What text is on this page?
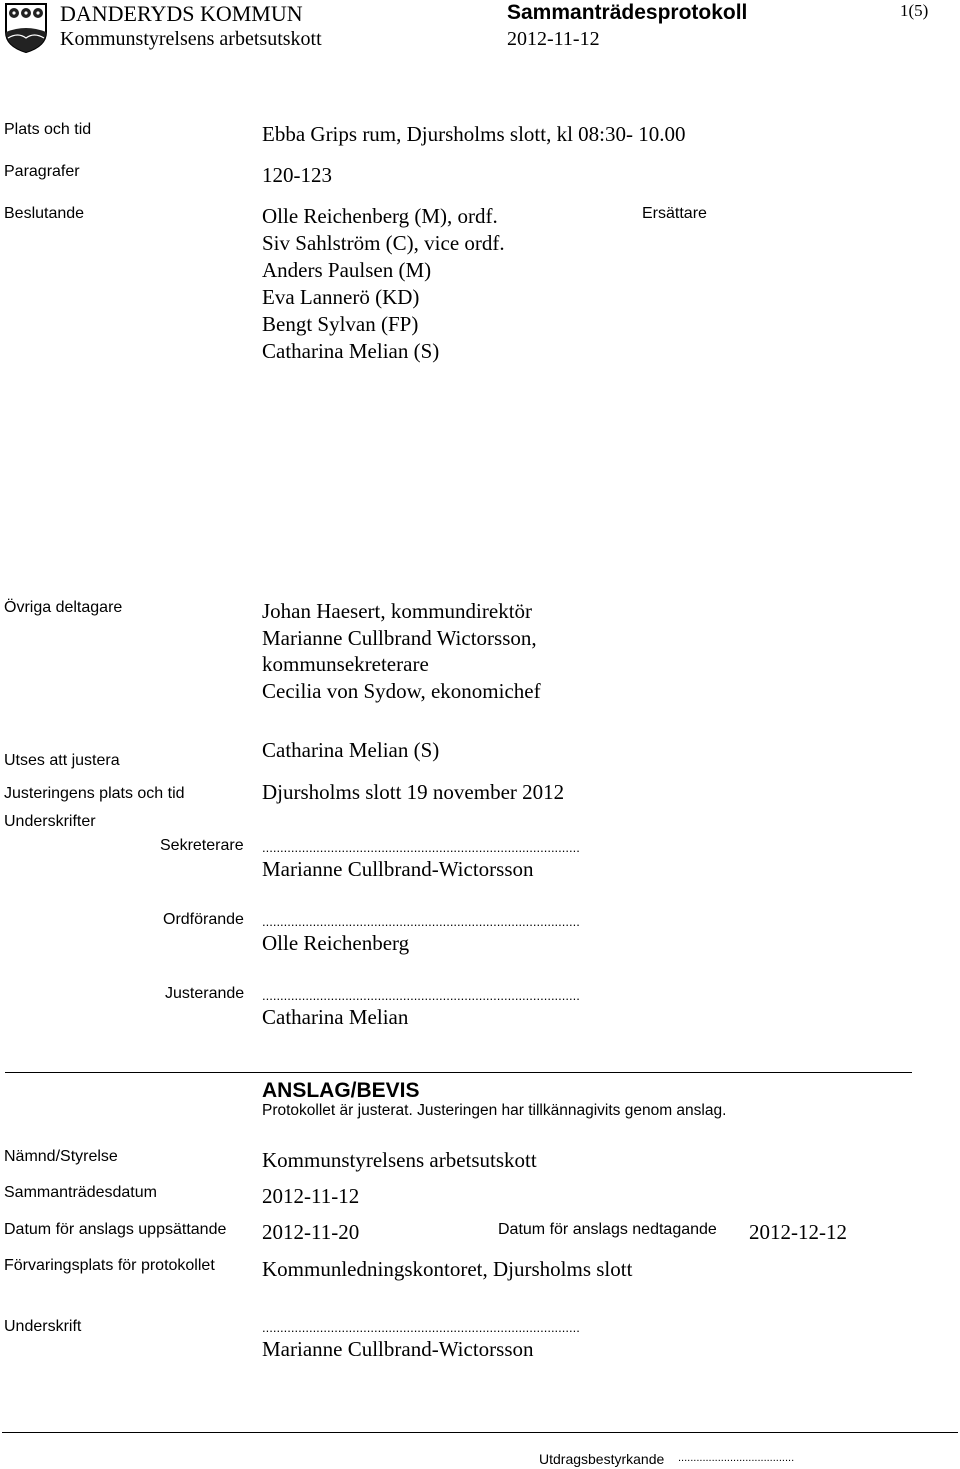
DANDERYDS KOMMUN
Kommunstyrelsens arbetsutskott
Sammanträdesprotokoll
2012-11-12
1(5)
Plats och tid	Ebba Grips rum, Djursholms slott, kl 08:30- 10.00
Paragrafer	120-123
Beslutande	Olle Reichenberg (M), ordf.
Siv Sahlström (C), vice ordf.
Anders Paulsen (M)
Eva Lannerö (KD)
Bengt Sylvan (FP)
Catharina Melian (S)
Ersättare
Övriga deltagare	Johan Haesert, kommundirektör
Marianne Cullbrand Wictorsson,
kommunsekreterare
Cecilia von Sydow, ekonomichef
Utses att justera	Catharina Melian (S)
Justeringens plats och tid	Djursholms slott 19 november 2012
Underskrifter
Sekreterare ........................................................................................
Marianne Cullbrand-Wictorsson
Ordförande ........................................................................................
Olle Reichenberg
Justerande ........................................................................................
Catharina Melian
ANSLAG/BEVIS
Protokollet är justerat. Justeringen har tillkännagivits genom anslag.
Nämnd/Styrelse	Kommunstyrelsens arbetsutskott
Sammanträdesdatum	2012-11-12
Datum för anslags uppsättande 2012-11-20	Datum för anslags nedtagande 2012-12-12
Förvaringsplats för protokollet Kommunledningskontoret, Djursholms slott
Underskrift	........................................................................................
Marianne Cullbrand-Wictorsson
Utdragsbestyrkande ......................................
